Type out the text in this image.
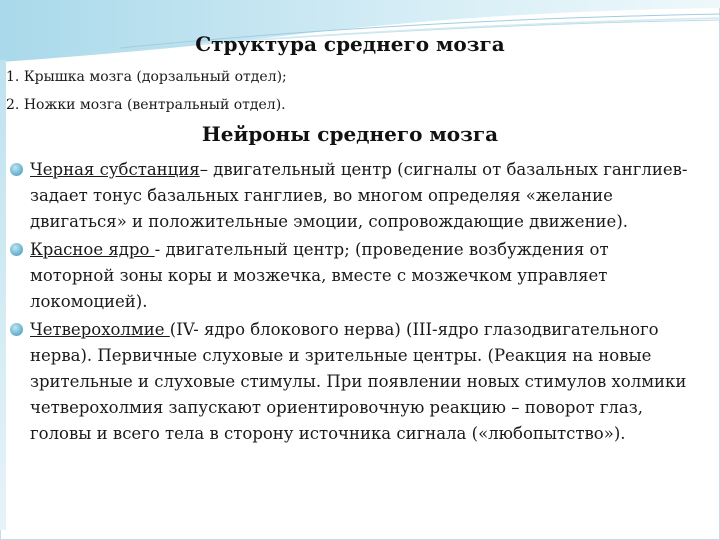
Структура среднего мозга
1. Крышка мозга (дорзальный отдел);
2. Ножки мозга (вентральный отдел).
Нейроны среднего мозга
Черная субстанция– двигательный центр (сигналы от базальных ганглиев- задает тонус базальных ганглиев, во многом определяя «желание двигаться» и положительные эмоции, сопровождающие движение).
Красное ядро - двигательный центр; (проведение возбуждения от моторной зоны коры и мозжечка, вместе с мозжечком управляет локомоцией).
Четверохолмие (IV- ядро блокового нерва) (III-ядро глазодвигательного нерва). Первичные слуховые и зрительные центры. (Реакция на новые зрительные и слуховые стимулы. При появлении новых стимулов холмики четверохолмия запускают ориентировочную реакцию – поворот глаз, головы и всего тела в сторону источника сигнала («любопытство»).
